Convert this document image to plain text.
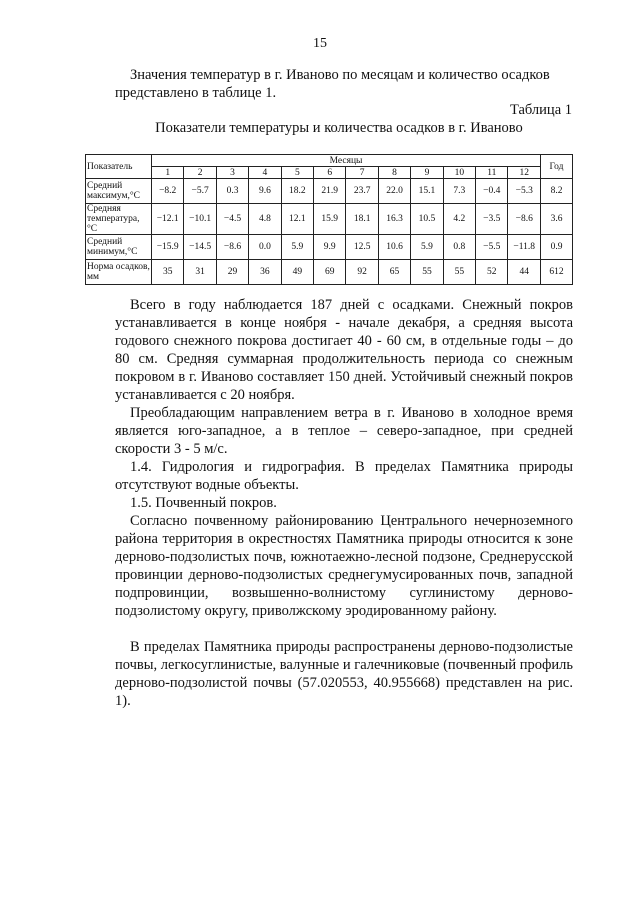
15

Значения температур в г. Иваново по месяцам и количество осадков представлено в таблице 1.

Таблица 1
Показатели температуры и количества осадков в г. Иваново
Показатель	Месяцы												Год
	1	2	3	4	5	6	7	8	9	10	11	12	
Средний максимум,°С	−8.2	−5.7	0.3	9.6	18.2	21.9	23.7	22.0	15.1	7.3	−0.4	−5.3	8.2
Средняя температура, °С	−12.1	−10.1	−4.5	4.8	12.1	15.9	18.1	16.3	10.5	4.2	−3.5	−8.6	3.6
Средний минимум,°С	−15.9	−14.5	−8.6	0.0	5.9	9.9	12.5	10.6	5.9	0.8	−5.5	−11.8	0.9
Норма осадков, мм	35	31	29	36	49	69	92	65	55	55	52	44	612

Всего в году наблюдается 187 дней с осадками. Снежный покров устанавливается в конце ноября - начале декабря, а средняя высота годового снежного покрова достигает 40 - 60 см, в отдельные годы – до 80 см. Средняя суммарная продолжительность периода со снежным покровом в г. Иваново составляет 150 дней. Устойчивый снежный покров устанавливается с 20 ноября.

Преобладающим направлением ветра в г. Иваново в холодное время является юго-западное, а в теплое – северо-западное, при средней скорости 3 - 5 м/с.

1.4. Гидрология и гидрография. В пределах Памятника природы отсутствуют водные объекты.

1.5. Почвенный покров.

Согласно почвенному районированию Центрального нечерноземного района территория в окрестностях Памятника природы относится к зоне дерново-подзолистых почв, южнотаежно-лесной подзоне, Среднерусской провинции дерново-подзолистых среднегумусированных почв, западной подпровинции, возвышенно-волнистому суглинистому дерново-подзолистому округу, приволжскому эродированному району.

В пределах Памятника природы распространены дерново-подзолистые почвы, легкосуглинистые, валунные и галечниковые (почвенный профиль дерново-подзолистой почвы (57.020553, 40.955668) представлен на рис. 1).
